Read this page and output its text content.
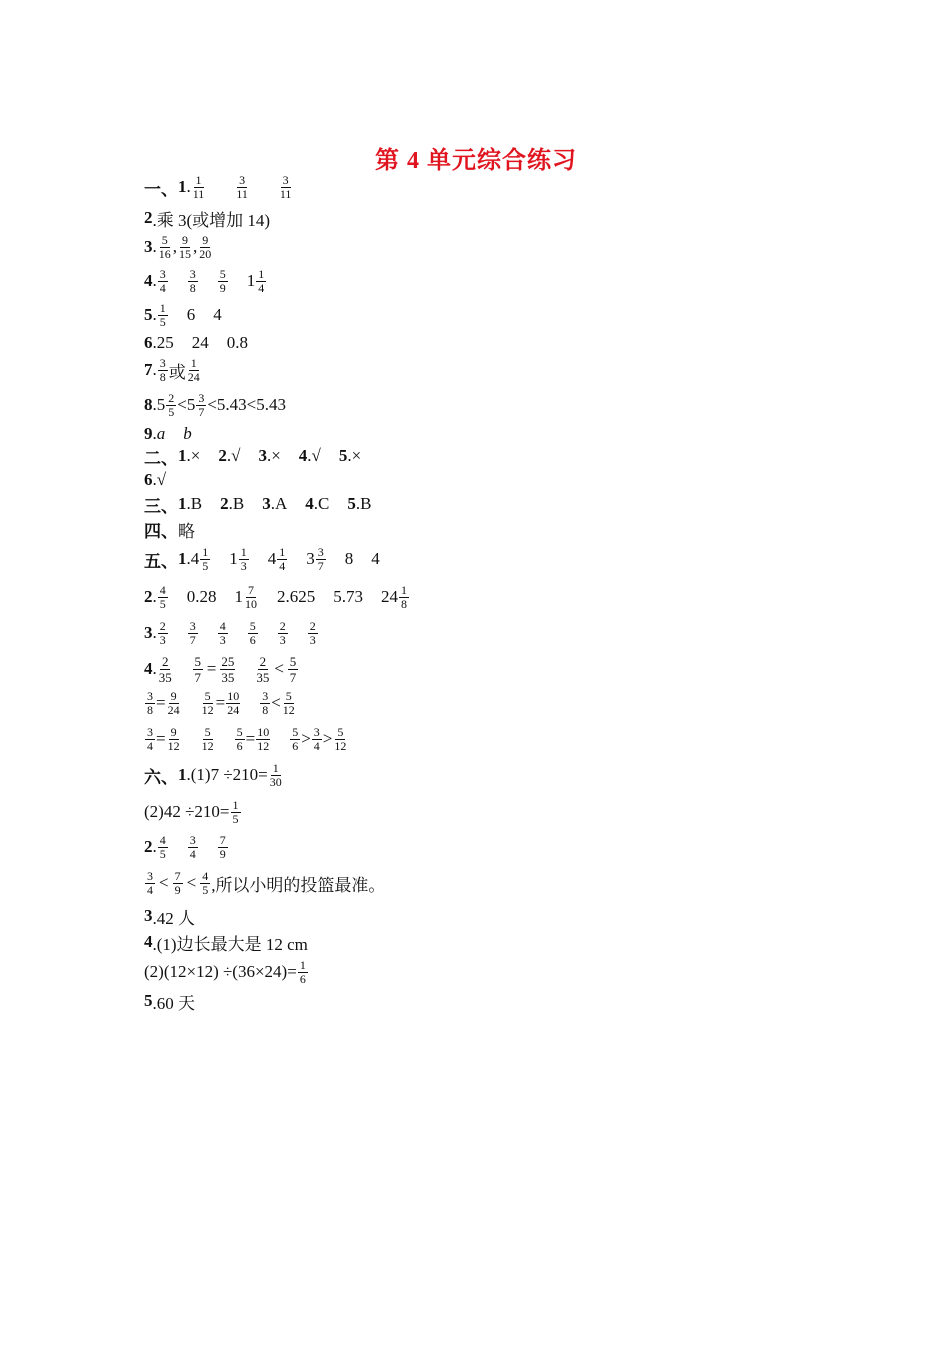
第 4 单元综合练习
一、 1 . $\frac{1}{11}$	$\frac{3}{11}$	$\frac{3}{11}$
2 .乘 3(或增加 14)
3 . $\frac{5}{16}$ , $\frac{9}{15}$ , $\frac{9}{20}$
4 . $\frac{3}{4} \frac{3}{8} \frac{5}{9} 1 \frac{1}{4}$
5 . $\frac{1}{5} 6$ 4
6 .25 24 0.8
7 . $\frac{3}{8}$ 或 $\frac{1}{24}$
8 $.5 \frac{2}{5} < 5 \frac{3}{7} <5.43<5.43$
9 . a b
二、 1 .× 2 .√ 3 .× 4 .√ 5 .×
6 .√
三、 1 .B 2 .B 3 .A 4 .C 5 .B
四、 略
五、 1 . $4 \frac{1}{5} 1 \frac{1}{3} 4 \frac{1}{4} 3 \frac{3}{7} 8$ 4
2 . $\frac{4}{5} 0.28$ $1 \frac{7}{10} 2.625$ 5.73 $24 \frac{1}{8}$
3 . $\frac{2}{3} \frac{3}{7} \frac{4}{3} \frac{5}{6} \frac{2}{3} \frac{2}{3}$
4 . $\frac{2}{35} \frac{5}{7} = \frac{25}{35} \frac{2}{35} < \frac{5}{7}$
$\frac{3}{8} = \frac{9}{24} \frac{5}{12} = \frac{10}{24} \frac{3}{8} < \frac{5}{12}$
$\frac{3}{4} = \frac{9}{12} \frac{5}{12} \frac{5}{6} = \frac{10}{12} \frac{5}{6} > \frac{3}{4} > \frac{5}{12}$
六、 1 $.(1)7 \div 210= \frac{1}{30}$
$(2)42 \div 210= \frac{1}{5}$
2 . $\frac{4}{5} \frac{3}{4} \frac{7}{9}$
$\frac{3}{4} < \frac{7}{9} < \frac{4}{5}$ ,所以小明的投篮最准。
3 .42 人
4 .(1)边长最大是 12 cm
$(2)(12\times 12) \div(36\times 24)= \frac{1}{6}$
5 .60 天
